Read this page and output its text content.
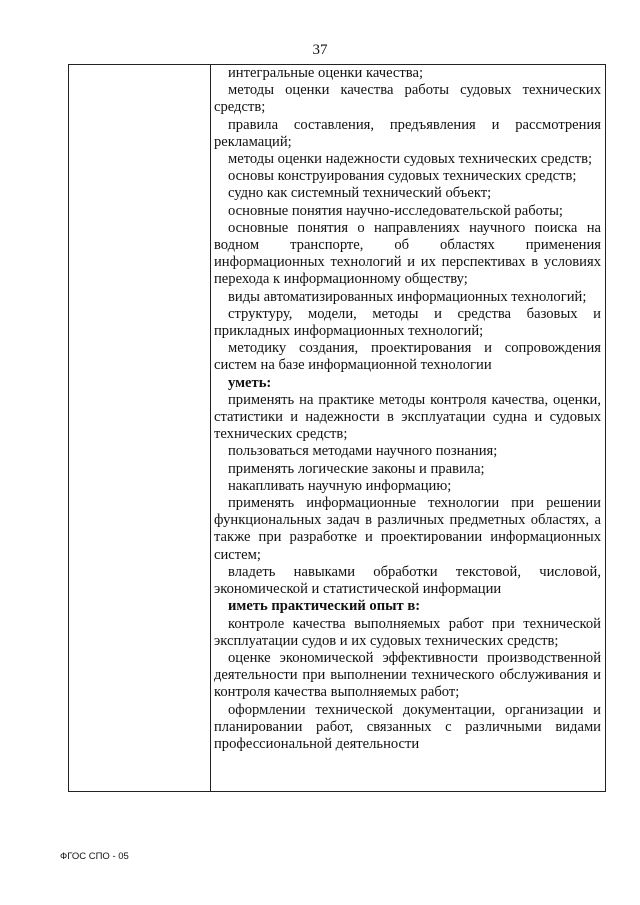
37

интегральные оценки качества;

методы оценки качества работы судовых технических средств;

правила составления, предъявления и рассмотрения рекламаций;

методы оценки надежности судовых технических средств;

основы конструирования судовых технических средств;

судно как системный технический объект;

основные понятия научно-исследовательской работы;

основные понятия о направлениях научного поиска на водном транспорте, об областях применения информационных технологий и их перспективах в условиях перехода к информационному обществу;

виды автоматизированных информационных технологий;

структуру, модели, методы и средства базовых и прикладных информационных технологий;

методику создания, проектирования и сопровождения систем на базе информационной технологии

уметь:

применять на практике методы контроля качества, оценки, статистики и надежности в эксплуатации судна и судовых технических средств;

пользоваться методами научного познания;

применять логические законы и правила;

накапливать научную информацию;

применять информационные технологии при решении функциональных задач в различных предметных областях, а также при разработке и проектировании информационных систем;

владеть навыками обработки текстовой, числовой, экономической и статистической информации

иметь практический опыт в:

контроле качества выполняемых работ при технической эксплуатации судов и их судовых технических средств;

оценке экономической эффективности производственной деятельности при выполнении технического обслуживания и контроля качества выполняемых работ;

оформлении технической документации, организации и планировании работ, связанных с различными видами профессиональной деятельности

ФГОС СПО - 05
